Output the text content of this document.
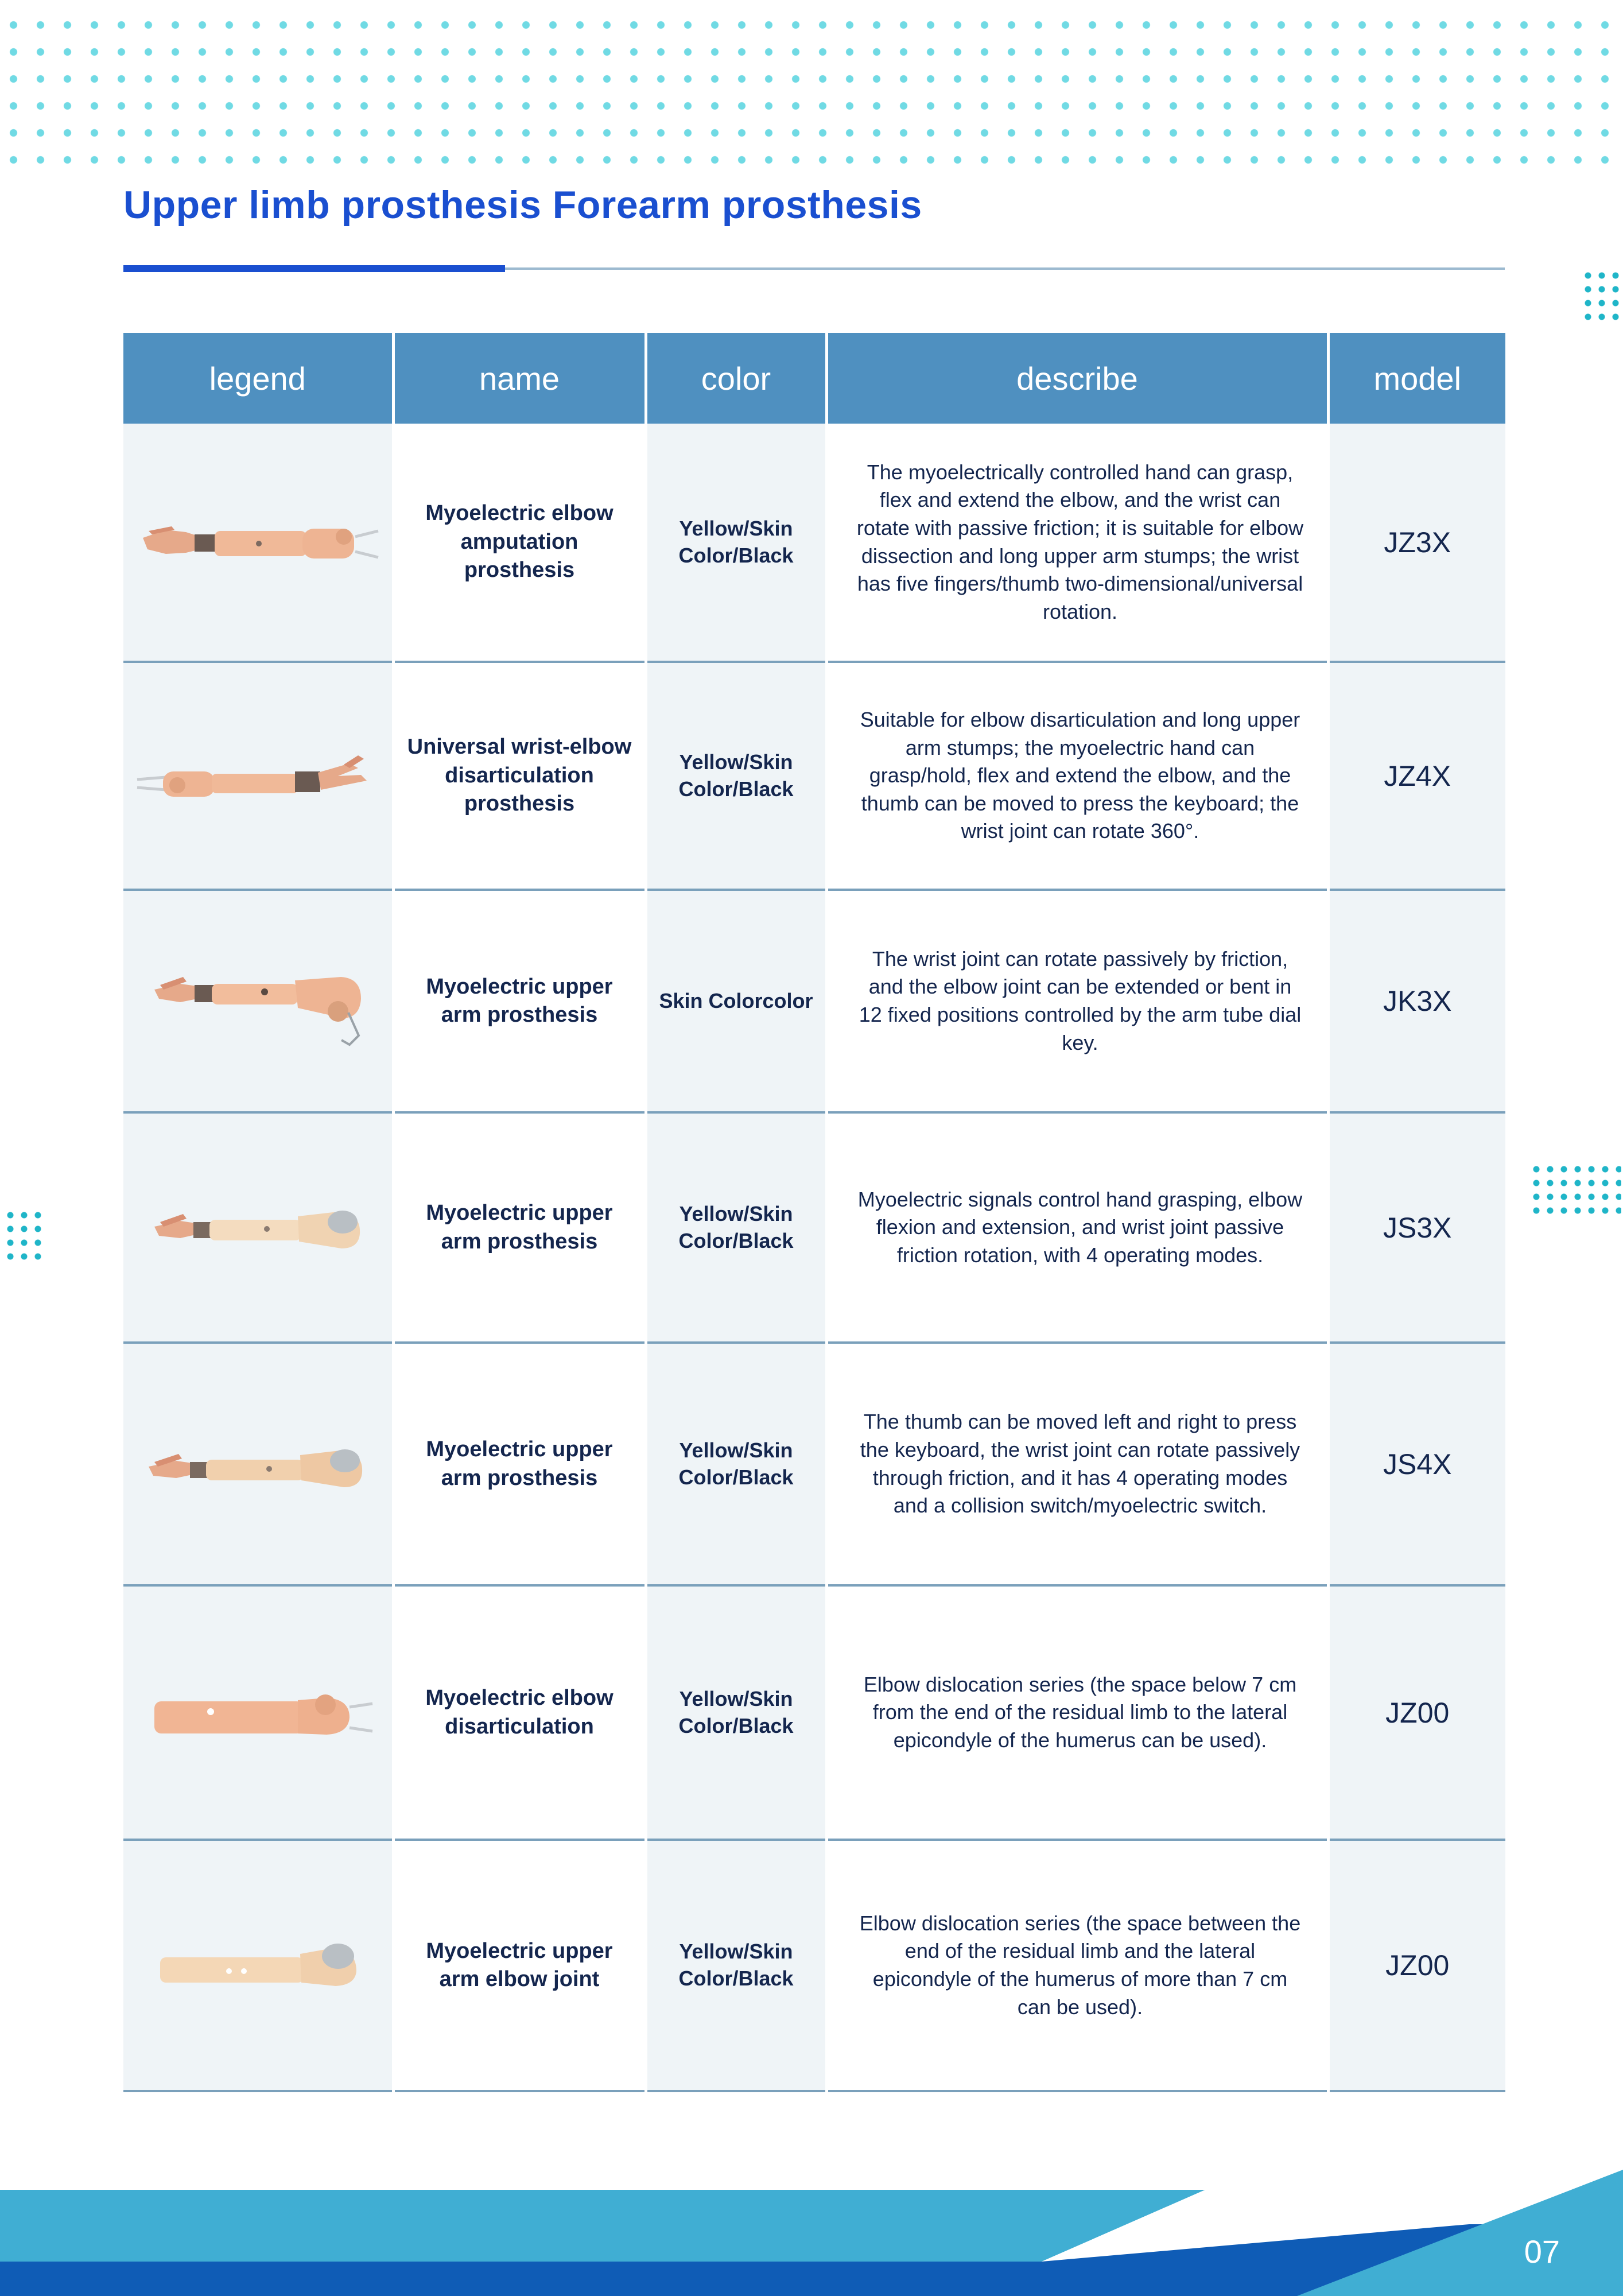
Upper limb prosthesis Forearm prosthesis
legend	name	color	describe	model

	Myoelectric elbow amputation prosthesis	Yellow/Skin Color/Black	The myoelectrically controlled hand can grasp, flex and extend the elbow, and the wrist can rotate with passive friction; it is suitable for elbow dissection and long upper arm stumps; the wrist has five fingers/thumb two-dimensional/universal rotation.	JZ3X

	Universal wrist-elbow disarticulation prosthesis	Yellow/Skin Color/Black	Suitable for elbow disarticulation and long upper arm stumps; the myoelectric hand can grasp/hold, flex and extend the elbow, and the thumb can be moved to press the keyboard; the wrist joint can rotate 360°.	JZ4X

	Myoelectric upper arm prosthesis	Skin Colorcolor	The wrist joint can rotate passively by friction, and the elbow joint can be extended or bent in 12 fixed positions controlled by the arm tube dial key.	JK3X

	Myoelectric upper arm prosthesis	Yellow/Skin Color/Black	Myoelectric signals control hand grasping, elbow flexion and extension, and wrist joint passive friction rotation, with 4 operating modes.	JS3X

	Myoelectric upper arm prosthesis	Yellow/Skin Color/Black	The thumb can be moved left and right to press the keyboard, the wrist joint can rotate passively through friction, and it has 4 operating modes and a collision switch/myoelectric switch.	JS4X

	Myoelectric elbow disarticulation	Yellow/Skin Color/Black	Elbow dislocation series (the space below 7 cm from the end of the residual limb to the lateral epicondyle of the humerus can be used).	JZ00

	Myoelectric upper arm elbow joint	Yellow/Skin Color/Black	Elbow dislocation series (the space between the end of the residual limb and the lateral epicondyle of the humerus of more than 7 cm can be used).	JZ00
07
